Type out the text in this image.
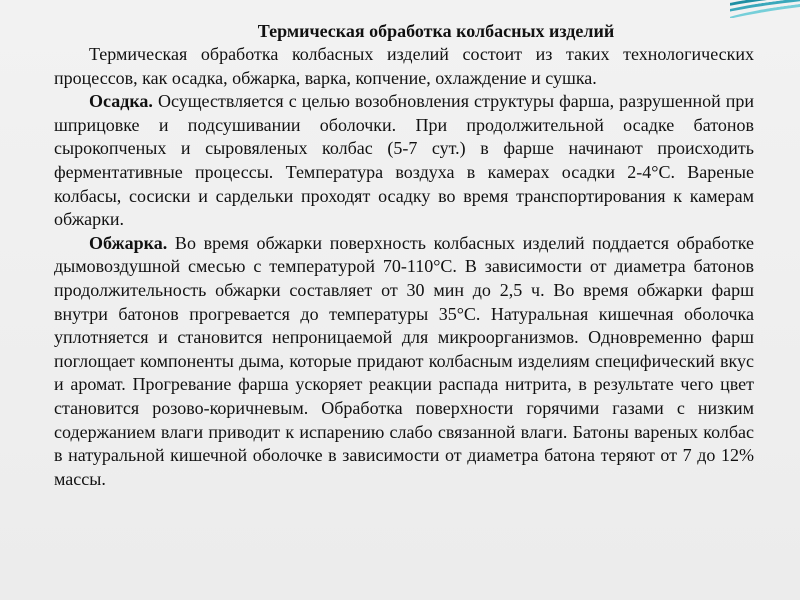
Термическая обработка колбасных изделий

Термическая обработка колбасных изделий состоит из таких технологических процессов, как осадка, обжарка, варка, копчение, охлаждение и сушка.

Осадка. Осуществляется с целью возобновления структуры фарша, разрушенной при шприцовке и подсушивании оболочки. При продолжительной осадке батонов сырокопченых и сыровяленых колбас (5-7 сут.) в фарше начинают происходить ферментативные процессы. Температура воздуха в камерах осадки 2-4°С. Вареные колбасы, сосиски и сардельки проходят осадку во время транспортирования к камерам обжарки.

Обжарка. Во время обжарки поверхность колбасных изделий поддается обработке дымовоздушной смесью с температурой 70-110°С. В зависимости от диаметра батонов продолжительность обжарки составляет от 30 мин до 2,5 ч. Во время обжарки фарш внутри батонов прогревается до температуры 35°С. Натуральная кишечная оболочка уплотняется и становится непроницаемой для микроорганизмов. Одновременно фарш поглощает компоненты дыма, которые придают колбасным изделиям специфический вкус и аромат. Прогревание фарша ускоряет реакции распада нитрита, в результате чего цвет становится розово-коричневым. Обработка поверхности горячими газами с низким содержанием влаги приводит к испарению слабо связанной влаги. Батоны вареных колбас в натуральной кишечной оболочке в зависимости от диаметра батона теряют от 7 до 12% массы.
